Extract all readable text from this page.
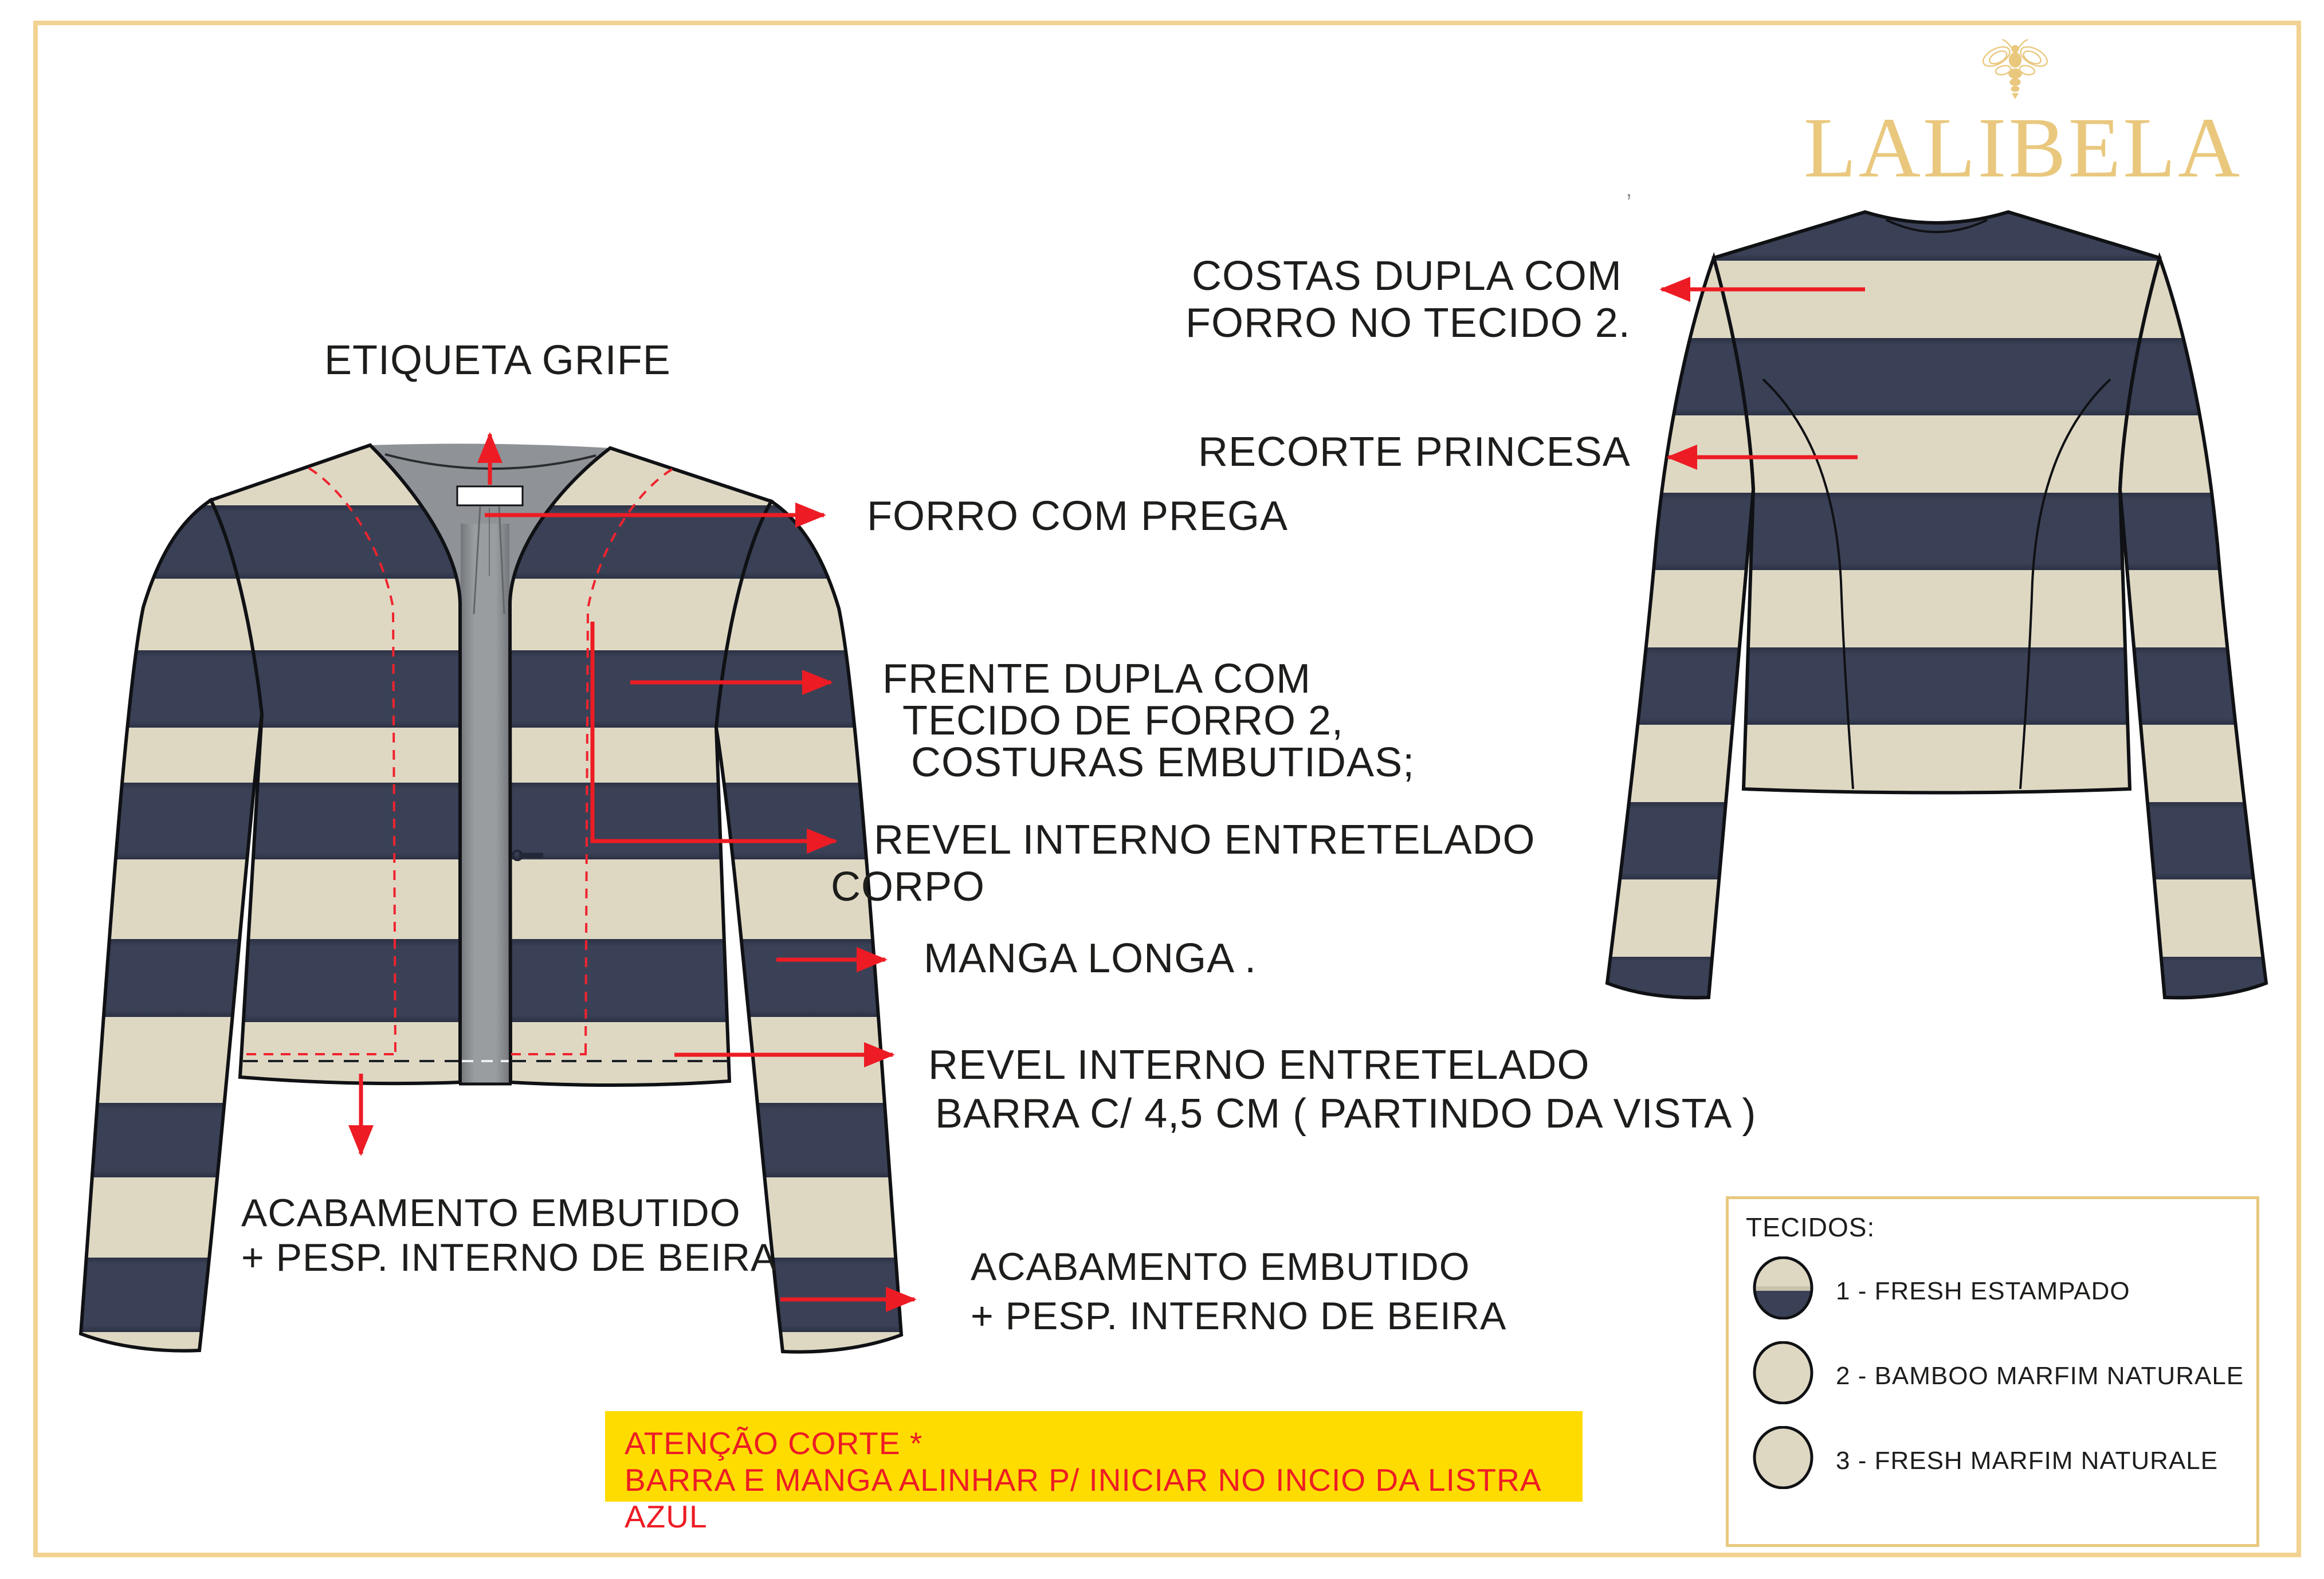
LALIBELA
’
ETIQUETA GRIFE
FORRO COM PREGA
FRENTE DUPLA COM
TECIDO DE FORRO 2,
COSTURAS EMBUTIDAS;
REVEL INTERNO ENTRETELADO
CORPO
MANGA LONGA .
REVEL INTERNO ENTRETELADO
BARRA C/ 4,5 CM ( PARTINDO DA VISTA )
ACABAMENTO EMBUTIDO
+ PESP. INTERNO DE BEIRA	ACABAMENTO EMBUTIDO
+ PESP. INTERNO DE BEIRA
COSTAS DUPLA COM
FORRO NO TECIDO 2.
RECORTE PRINCESA
ATENÇÃO CORTE *
BARRA E MANGA ALINHAR P/ INICIAR NO INCIO DA LISTRA AZUL
TECIDOS:
1 - FRESH ESTAMPADO
2 - BAMBOO MARFIM NATURALE
3 - FRESH MARFIM NATURALE
